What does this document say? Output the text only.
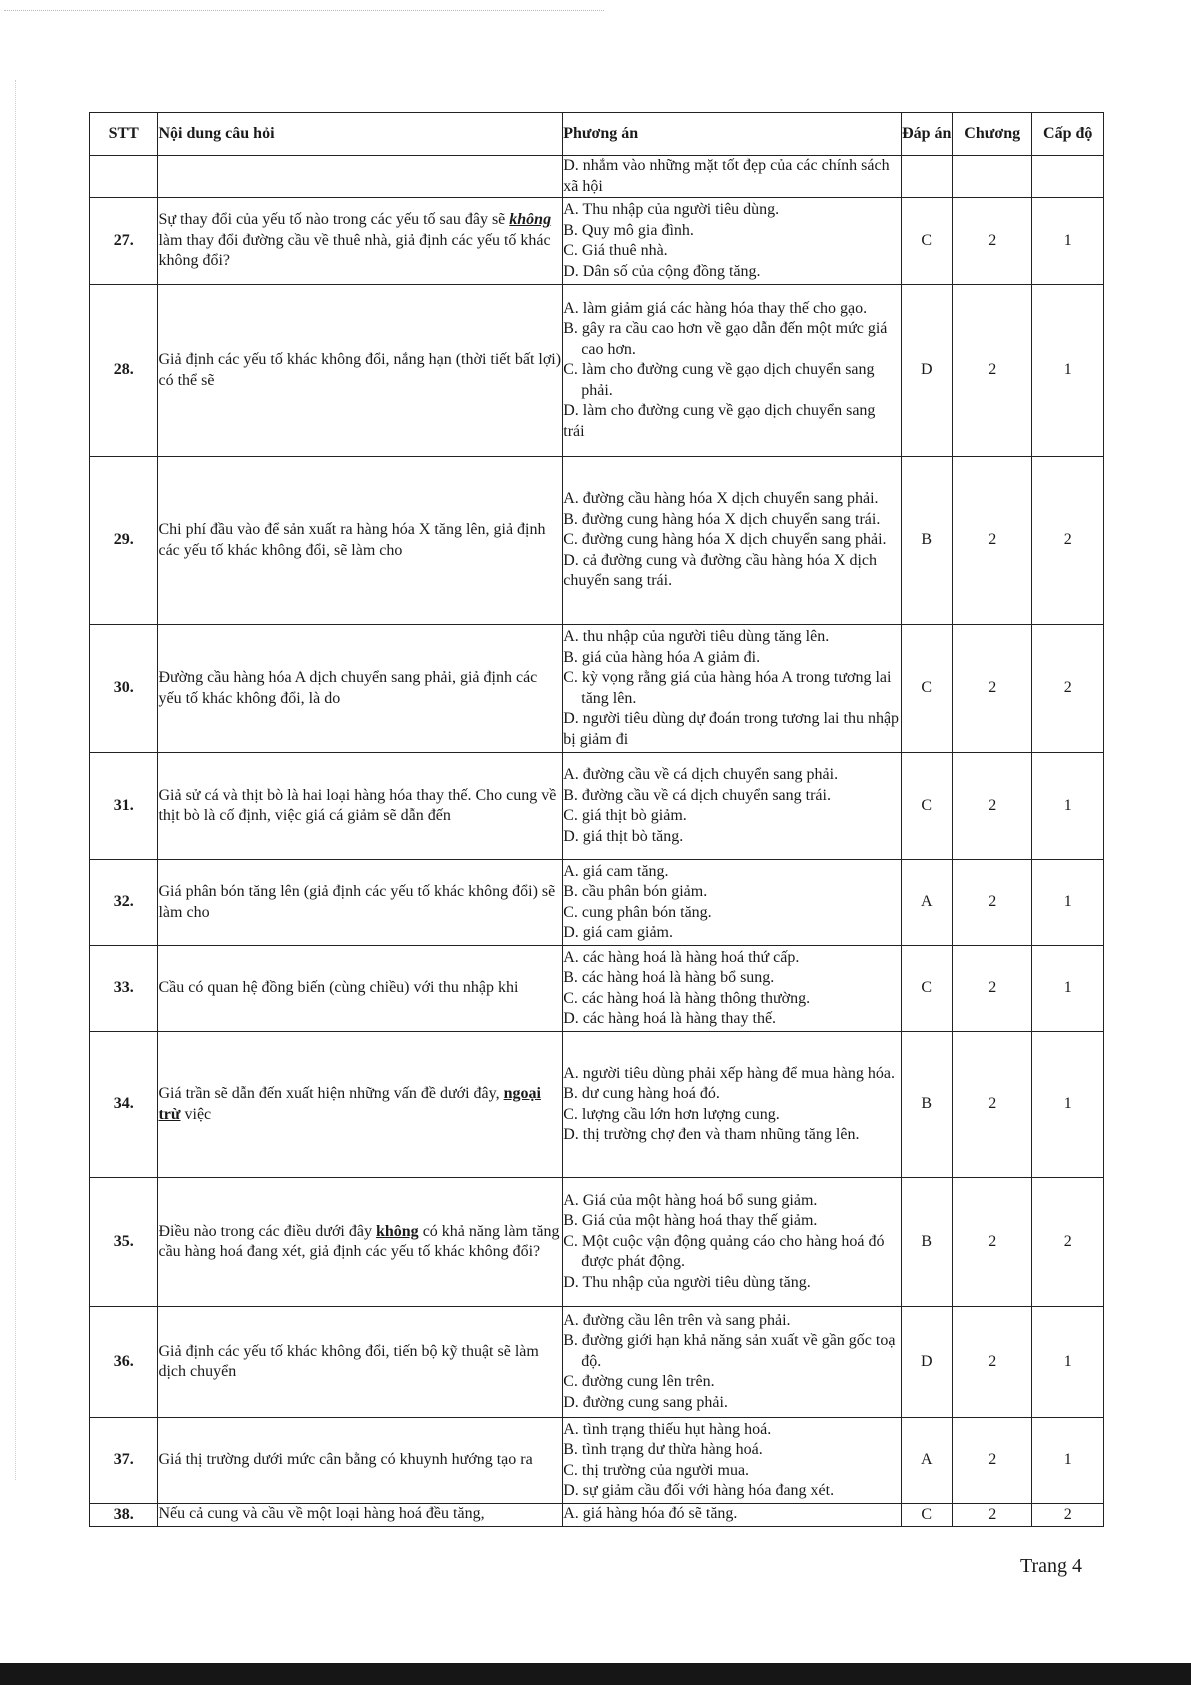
STT	Nội dung câu hỏi	Phương án	Đáp án	Chương	Cấp độ

		D. nhắm vào những mặt tốt đẹp của các chính sách xã hội			

27.	Sự thay đổi của yếu tố nào trong các yếu tố sau đây sẽ không làm thay đổi đường cầu về thuê nhà, giả định các yếu tố khác không đổi?	A. Thu nhập của người tiêu dùng.
B. Quy mô gia đình.
C. Giá thuê nhà.
D. Dân số của cộng đồng tăng.	C	2	1
28.	Giả định các yếu tố khác không đổi, nắng hạn (thời tiết bất lợi) có thể sẽ	A. làm giảm giá các hàng hóa thay thế cho gạo.
B. gây ra cầu cao hơn về gạo dẫn đến một mức giá cao hơn.
C. làm cho đường cung về gạo dịch chuyển sang phải.
D. làm cho đường cung về gạo dịch chuyển sang trái	D	2	1
29.	Chi phí đầu vào để sản xuất ra hàng hóa X tăng lên, giả định các yếu tố khác không đổi, sẽ làm cho	A. đường cầu hàng hóa X dịch chuyển sang phải.
B. đường cung hàng hóa X dịch chuyển sang trái.
C. đường cung hàng hóa X dịch chuyển sang phải.
D. cả đường cung và đường cầu hàng hóa X dịch chuyển sang trái.	B	2	2
30.	Đường cầu hàng hóa A dịch chuyển sang phải, giả định các yếu tố khác không đổi, là do	A. thu nhập của người tiêu dùng tăng lên.
B. giá của hàng hóa A giảm đi.
C. kỳ vọng rằng giá của hàng hóa A trong tương lai tăng lên.
D. người tiêu dùng dự đoán trong tương lai thu nhập bị giảm đi	C	2	2
31.	Giả sử cá và thịt bò là hai loại hàng hóa thay thế. Cho cung về thịt bò là cố định, việc giá cá giảm sẽ dẫn đến	A. đường cầu về cá dịch chuyển sang phải.
B. đường cầu về cá dịch chuyển sang trái.
C. giá thịt bò giảm.
D. giá thịt bò tăng.	C	2	1
32.	Giá phân bón tăng lên (giả định các yếu tố khác không đổi) sẽ làm cho	A. giá cam tăng.
B. cầu phân bón giảm.
C. cung phân bón tăng.
D. giá cam giảm.	A	2	1
33.	Cầu có quan hệ đồng biến (cùng chiều) với thu nhập khi	A. các hàng hoá là hàng hoá thứ cấp.
B. các hàng hoá là hàng bổ sung.
C. các hàng hoá là hàng thông thường.
D. các hàng hoá là hàng thay thế.	C	2	1
34.	Giá trần sẽ dẫn đến xuất hiện những vấn đề dưới đây, ngoại trừ việc	A. người tiêu dùng phải xếp hàng để mua hàng hóa.
B. dư cung hàng hoá đó.
C. lượng cầu lớn hơn lượng cung.
D. thị trường chợ đen và tham nhũng tăng lên.	B	2	1
35.	Điều nào trong các điều dưới đây không có khả năng làm tăng cầu hàng hoá đang xét, giả định các yếu tố khác không đổi?	A. Giá của một hàng hoá bổ sung giảm.
B. Giá của một hàng hoá thay thế giảm.
C. Một cuộc vận động quảng cáo cho hàng hoá đó được phát động.
D. Thu nhập của người tiêu dùng tăng.	B	2	2
36.	Giả định các yếu tố khác không đổi, tiến bộ kỹ thuật sẽ làm dịch chuyển	A. đường cầu lên trên và sang phải.
B. đường giới hạn khả năng sản xuất về gần gốc toạ độ.
C. đường cung lên trên.
D. đường cung sang phải.	D	2	1
37.	Giá thị trường dưới mức cân bằng có khuynh hướng tạo ra	A. tình trạng thiếu hụt hàng hoá.
B. tình trạng dư thừa hàng hoá.
C. thị trường của người mua.
D. sự giảm cầu đối với hàng hóa đang xét.	A	2	1
38.	Nếu cả cung và cầu về một loại hàng hoá đều tăng,	A. giá hàng hóa đó sẽ tăng.	C	2	2
Trang 4
